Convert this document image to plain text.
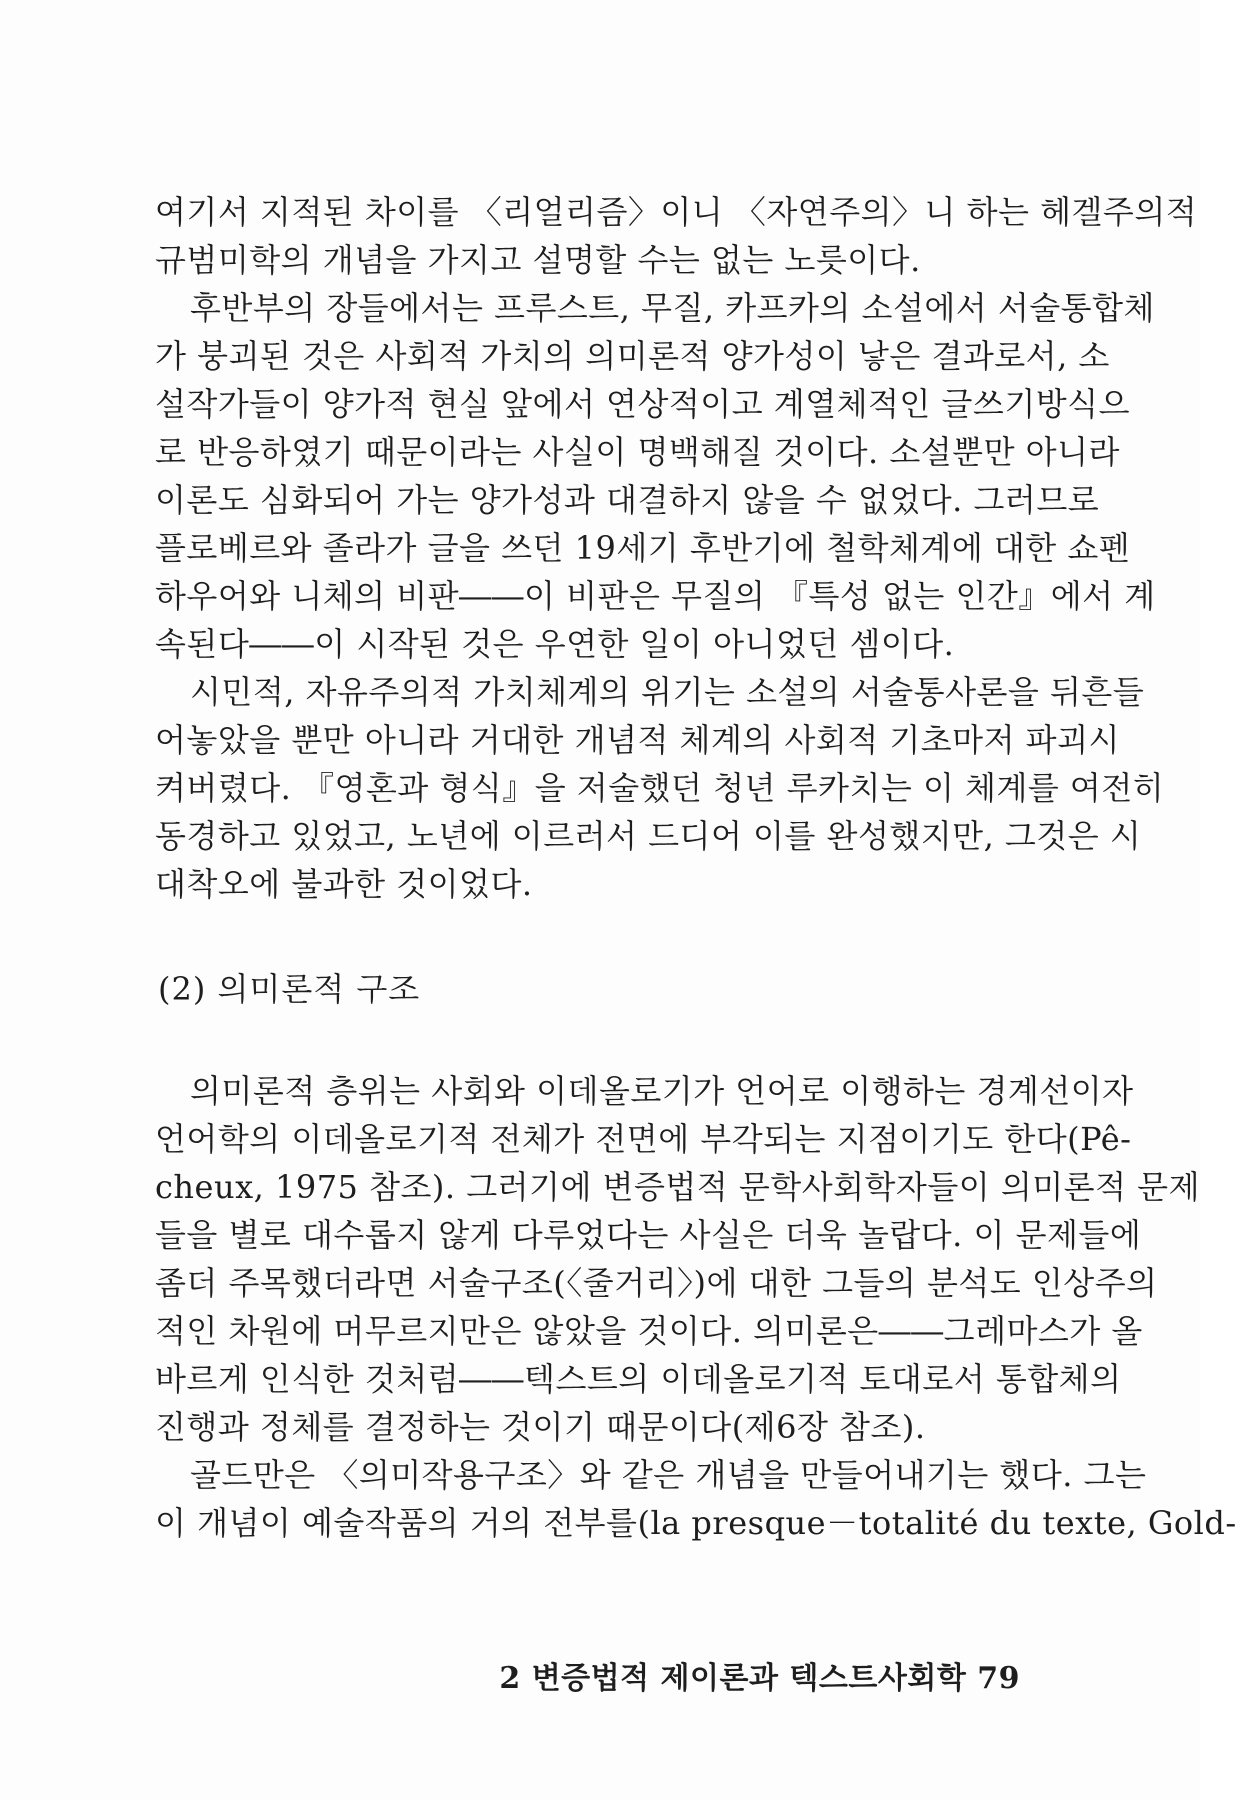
여기서 지적된 차이를 〈리얼리즘〉이니 〈자연주의〉니 하는 헤겔주의적
규범미학의 개념을 가지고 설명할 수는 없는 노릇이다.
후반부의 장들에서는 프루스트, 무질, 카프카의 소설에서 서술통합체
가 붕괴된 것은 사회적 가치의 의미론적 양가성이 낳은 결과로서, 소
설작가들이 양가적 현실 앞에서 연상적이고 계열체적인 글쓰기방식으
로 반응하였기 때문이라는 사실이 명백해질 것이다. 소설뿐만 아니라
이론도 심화되어 가는 양가성과 대결하지 않을 수 없었다. 그러므로
플로베르와 졸라가 글을 쓰던 19세기 후반기에 철학체계에 대한 쇼펜
하우어와 니체의 비판――이 비판은 무질의 『특성 없는 인간』에서 계
속된다――이 시작된 것은 우연한 일이 아니었던 셈이다.
시민적, 자유주의적 가치체계의 위기는 소설의 서술통사론을 뒤흔들
어놓았을 뿐만 아니라 거대한 개념적 체계의 사회적 기초마저 파괴시
켜버렸다. 『영혼과 형식』을 저술했던 청년 루카치는 이 체계를 여전히
동경하고 있었고, 노년에 이르러서 드디어 이를 완성했지만, 그것은 시
대착오에 불과한 것이었다.
(2) 의미론적 구조
의미론적 층위는 사회와 이데올로기가 언어로 이행하는 경계선이자
언어학의 이데올로기적 전체가 전면에 부각되는 지점이기도 한다(Pê-
cheux, 1975 참조). 그러기에 변증법적 문학사회학자들이 의미론적 문제
들을 별로 대수롭지 않게 다루었다는 사실은 더욱 놀랍다. 이 문제들에
좀더 주목했더라면 서술구조(〈줄거리〉)에 대한 그들의 분석도 인상주의
적인 차원에 머무르지만은 않았을 것이다. 의미론은――그레마스가 올
바르게 인식한 것처럼――텍스트의 이데올로기적 토대로서 통합체의
진행과 정체를 결정하는 것이기 때문이다(제6장 참조).
골드만은 〈의미작용구조〉와 같은 개념을 만들어내기는 했다. 그는
이 개념이 예술작품의 거의 전부를(la presque－totalité du texte, Gold-
2 변증법적 제이론과 텍스트사회학 79
